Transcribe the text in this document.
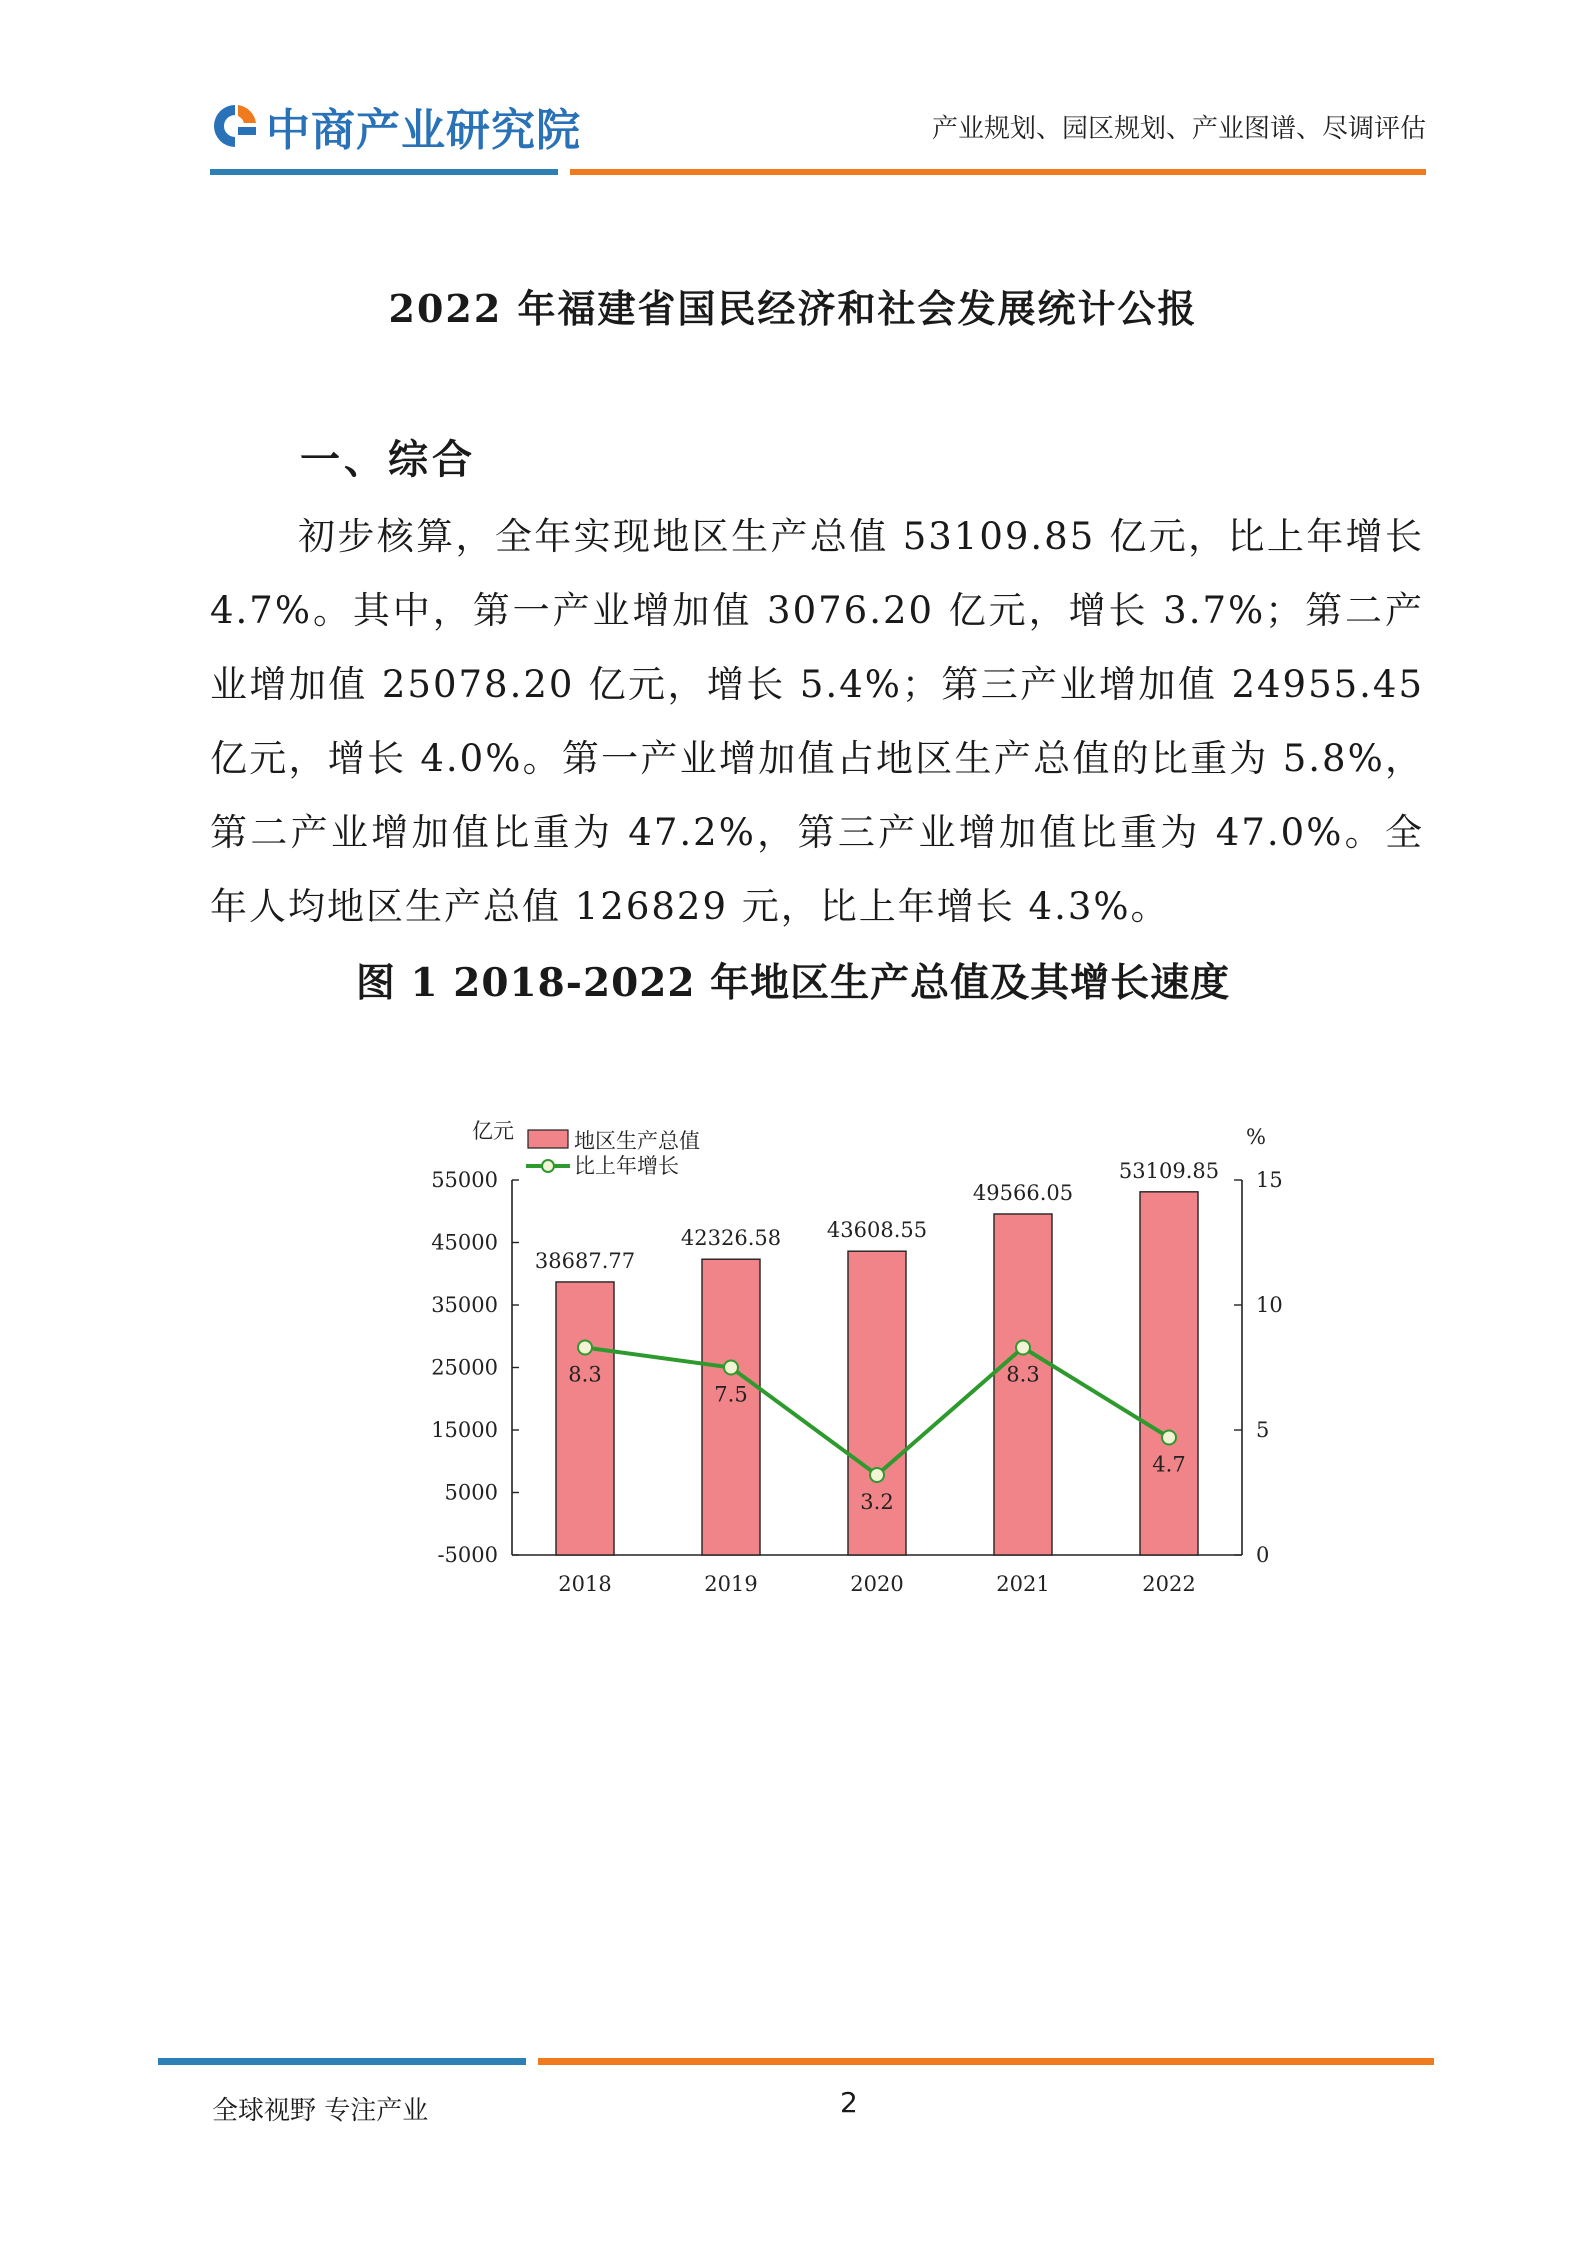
中商产业研究院	产业规划、园区规划、产业图谱、尽调评估
2022 年福建省国民经济和社会发展统计公报
一、综合

初步核算，全年实现地区生产总值 53109.85 亿元，比上年增长 4.7%。其中，第一产业增加值 3076.20 亿元，增长 3.7%；第二产业增加值 25078.20 亿元，增长 5.4%；第三产业增加值 24955.45 亿元，增长 4.0%。第一产业增加值占地区生产总值的比重为 5.8%，第二产业增加值比重为 47.2%，第三产业增加值比重为 47.0%。全年人均地区生产总值 126829 元，比上年增长 4.3%。

图 1 2018-2022 年地区生产总值及其增长速度
亿元	%
55000
45000
35000
25000
15000
5000
-5000
15
10
5
0
38687.77
2018
42326.58
2019
43608.55
2020
49566.05
2021
53109.85
2022
8.3
7.5
3.2
8.3
4.7
地区生产总值
比上年增长
全球视野 专注产业	2
